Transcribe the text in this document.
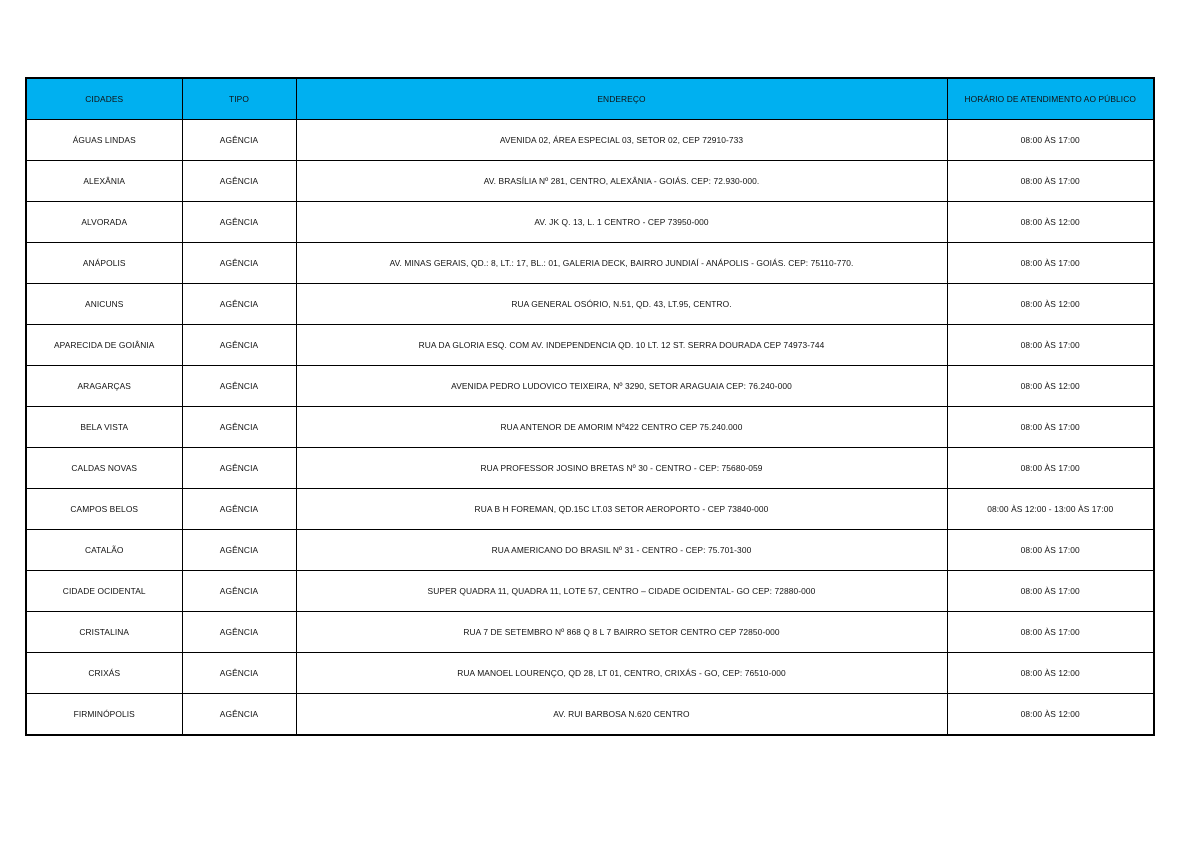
CIDADES	TIPO	ENDEREÇO	HORÁRIO DE ATENDIMENTO AO PÚBLICO
ÁGUAS LINDAS	AGÊNCIA	AVENIDA 02, ÁREA ESPECIAL 03, SETOR 02, CEP 72910-733	08:00 ÀS 17:00
ALEXÂNIA	AGÊNCIA	AV. BRASÍLIA Nº 281, CENTRO, ALEXÂNIA - GOIÁS. CEP: 72.930-000.	08:00 ÀS 17:00
ALVORADA	AGÊNCIA	AV. JK Q. 13, L. 1 CENTRO - CEP 73950-000	08:00 ÀS 12:00
ANÁPOLIS	AGÊNCIA	AV. MINAS GERAIS, QD.: 8, LT.: 17, BL.: 01, GALERIA DECK, BAIRRO JUNDIAÍ - ANÁPOLIS - GOIÁS. CEP: 75110-770.	08:00 ÀS 17:00
ANICUNS	AGÊNCIA	RUA GENERAL OSÓRIO, N.51, QD. 43, LT.95, CENTRO.	08:00 ÀS 12:00
APARECIDA DE GOIÂNIA	AGÊNCIA	RUA DA GLORIA ESQ. COM AV. INDEPENDENCIA QD. 10 LT. 12 ST. SERRA DOURADA CEP 74973-744	08:00 ÀS 17:00
ARAGARÇAS	AGÊNCIA	AVENIDA PEDRO LUDOVICO TEIXEIRA, Nº 3290, SETOR ARAGUAIA CEP: 76.240-000	08:00 ÀS 12:00
BELA VISTA	AGÊNCIA	RUA ANTENOR DE AMORIM Nº422 CENTRO CEP 75.240.000	08:00 ÀS 17:00
CALDAS NOVAS	AGÊNCIA	RUA PROFESSOR JOSINO BRETAS Nº 30 - CENTRO - CEP: 75680-059	08:00 ÀS 17:00
CAMPOS BELOS	AGÊNCIA	RUA B H FOREMAN, QD.15C LT.03 SETOR AEROPORTO - CEP 73840-000	08:00 ÀS 12:00 - 13:00 ÀS 17:00
CATALÃO	AGÊNCIA	RUA AMERICANO DO BRASIL Nº 31 - CENTRO - CEP: 75.701-300	08:00 ÀS 17:00
CIDADE OCIDENTAL	AGÊNCIA	SUPER QUADRA 11, QUADRA 11, LOTE 57, CENTRO – CIDADE OCIDENTAL- GO CEP: 72880-000	08:00 ÀS 17:00
CRISTALINA	AGÊNCIA	RUA 7 DE SETEMBRO Nº 868 Q 8 L 7 BAIRRO SETOR CENTRO CEP 72850-000	08:00 ÀS 17:00
CRIXÁS	AGÊNCIA	RUA MANOEL LOURENÇO, QD 28, LT 01, CENTRO, CRIXÁS - GO, CEP: 76510-000	08:00 ÀS 12:00
FIRMINÓPOLIS	AGÊNCIA	AV. RUI BARBOSA N.620 CENTRO	08:00 ÀS 12:00
